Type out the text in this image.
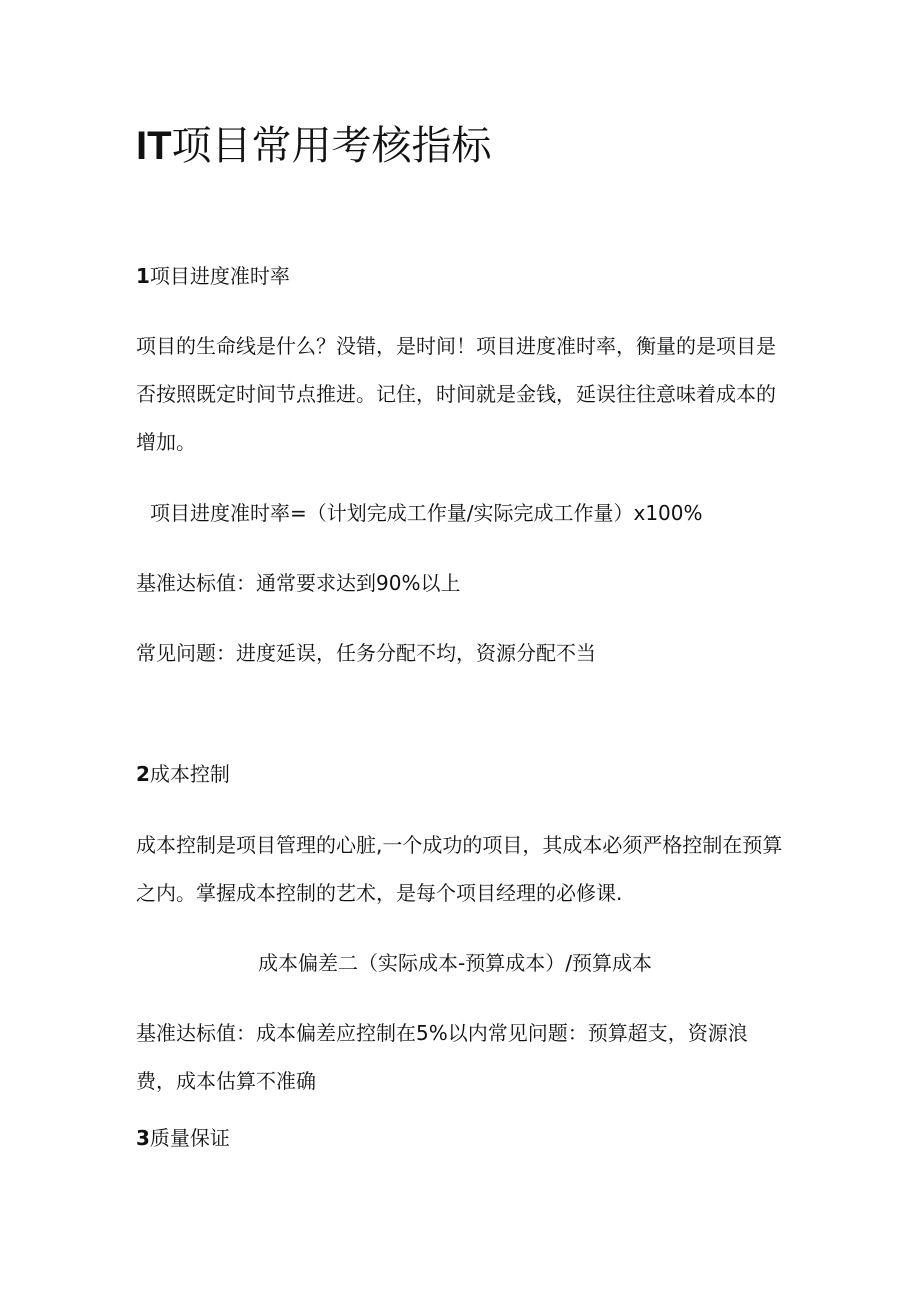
IT项目常用考核指标
1项目进度准时率
项目的生命线是什么？没错，是时间！项目进度准时率，衡量的是项目是
否按照既定时间节点推进。记住，时间就是金钱，延误往往意味着成本的
增加。
项目进度准时率=（计划完成工作量/实际完成工作量）x100%
基准达标值：通常要求达到90%以上
常见问题：进度延误，任务分配不均，资源分配不当
2成本控制
成本控制是项目管理的心脏,一个成功的项目，其成本必须严格控制在预算
之内。掌握成本控制的艺术，是每个项目经理的必修课.
成本偏差二（实际成本-预算成本）/预算成本
基准达标值：成本偏差应控制在5%以内常见问题：预算超支，资源浪
费，成本估算不准确
3质量保证
